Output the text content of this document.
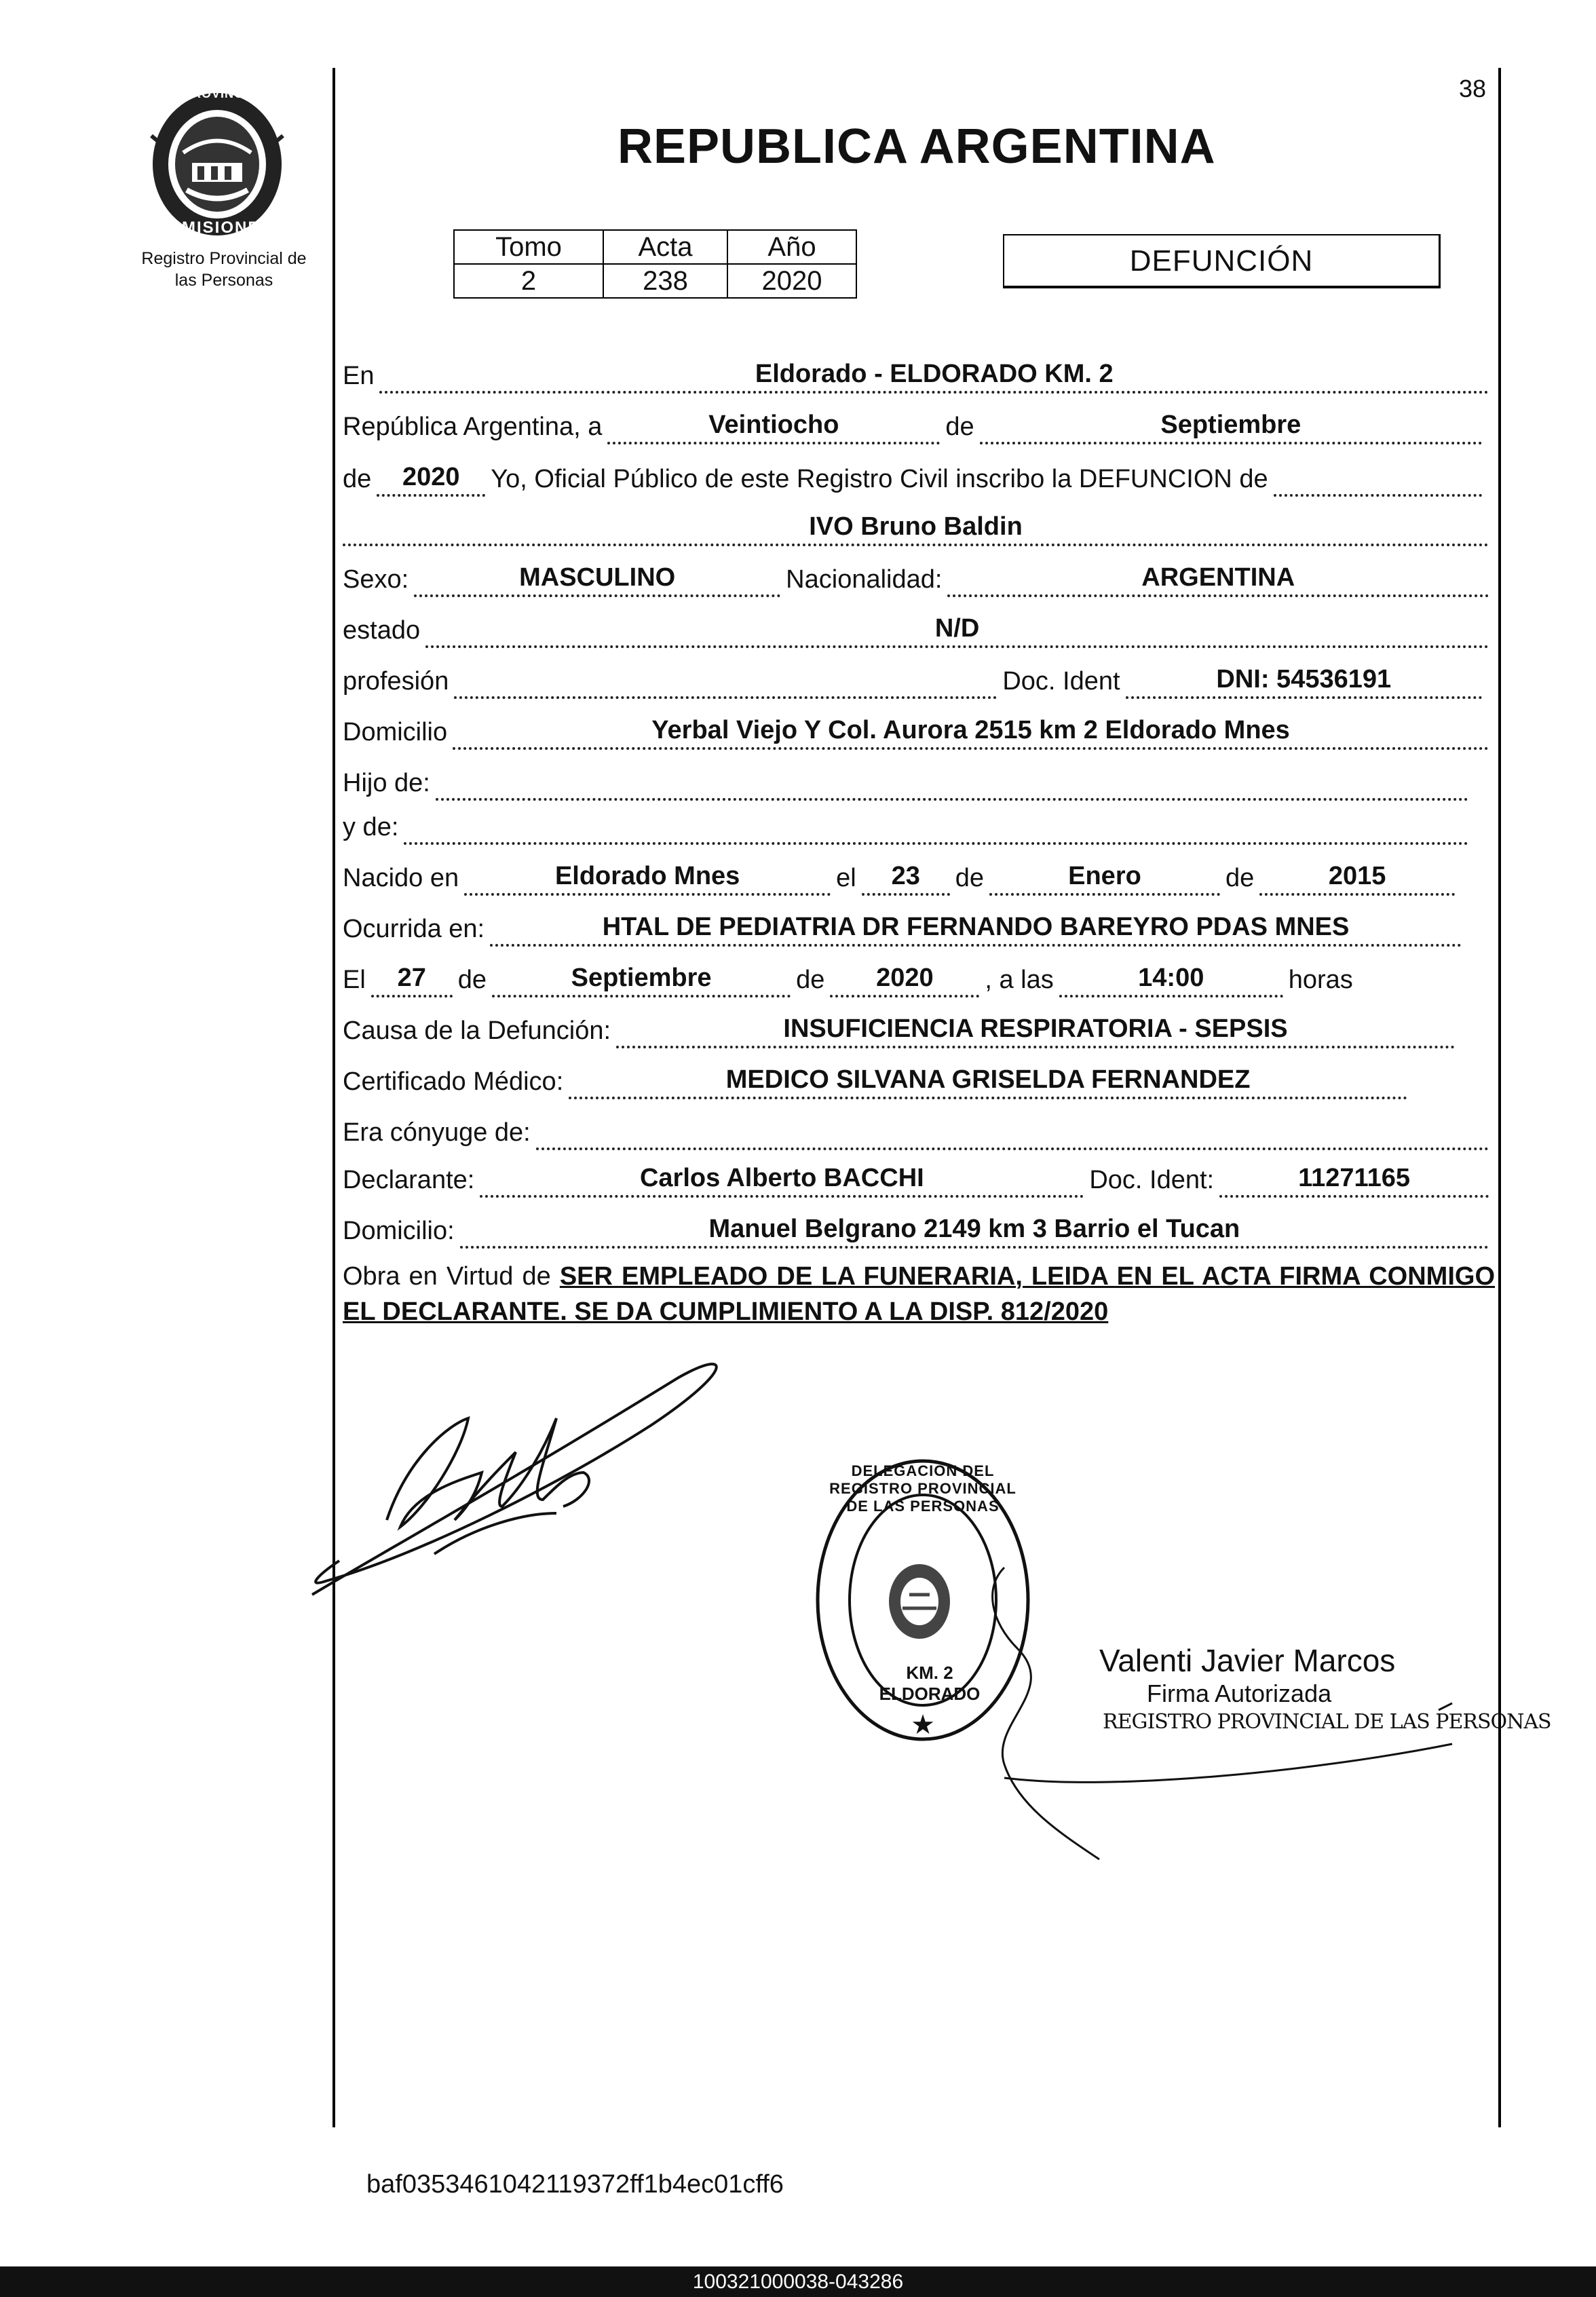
PROVINCIA DE
MISIONES
Registro Provincial de
las Personas
38
REPUBLICA ARGENTINA
Tomo	Acta	Año
2	238	2020
DEFUNCIÓN
En	Eldorado - ELDORADO KM. 2
República Argentina, a	Veintiocho	de	Septiembre
de	2020	Yo, Oficial Público de este Registro Civil inscribo la DEFUNCION de
IVO Bruno Baldin
Sexo:	MASCULINO	Nacionalidad:	ARGENTINA
estado	N/D
profesión	Doc. Ident	DNI: 54536191
Domicilio	Yerbal Viejo Y Col. Aurora 2515 km 2 Eldorado Mnes
Hijo de:
y de:
Nacido en	Eldorado Mnes	el	23	de	Enero	de	2015
Ocurrida en:	HTAL DE PEDIATRIA DR FERNANDO BAREYRO PDAS MNES
El	27	de	Septiembre	de	2020	, a las	14:00	horas
Causa de la Defunción:	INSUFICIENCIA RESPIRATORIA - SEPSIS
Certificado Médico:	MEDICO SILVANA GRISELDA FERNANDEZ
Era cónyuge de:
Declarante:	Carlos Alberto BACCHI	Doc. Ident:	11271165
Domicilio:	Manuel Belgrano 2149 km 3 Barrio el Tucan
Obra en Virtud de SER EMPLEADO DE LA FUNERARIA, LEIDA EN EL ACTA FIRMA CONMIGO EL DECLARANTE. SE DA CUMPLIMIENTO A LA DISP. 812/2020
★
DELEGACION DEL REGISTRO PROVINCIAL DE LAS PERSONAS
KM. 2 ELDORADO
Valenti Javier Marcos
Firma Autorizada
REGISTRO PROVINCIAL DE LAS PERSONAS
baf0353461042119372ff1b4ec01cff6
100321000038-043286
